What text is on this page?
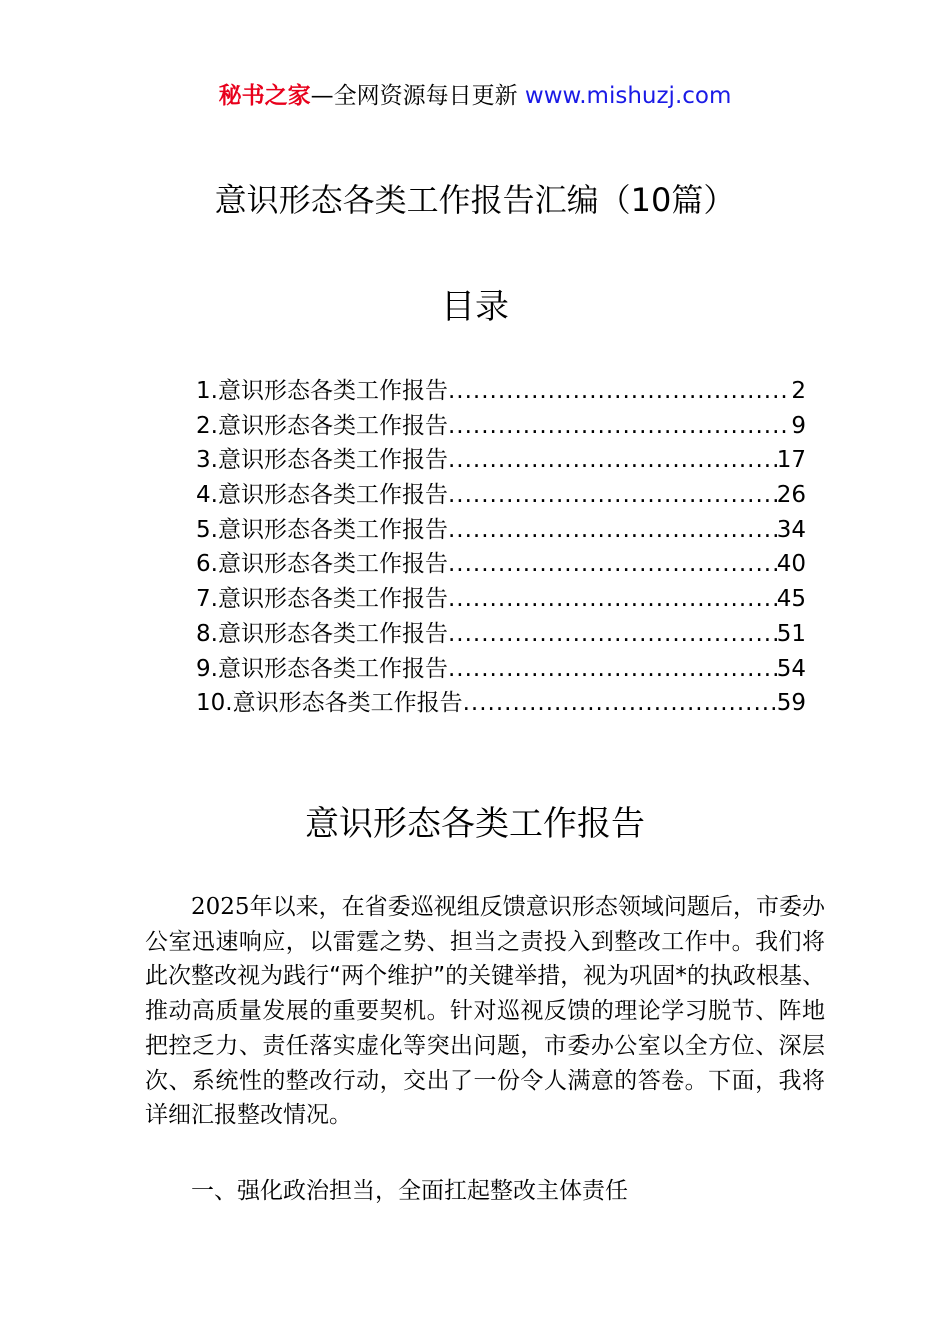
秘书之家—全网资源每日更新 www.mishuzj.com
意识形态各类工作报告汇编（10篇）
目录
1.意识形态各类工作报告 .....	2
2.意识形态各类工作报告 .....	9
3.意识形态各类工作报告 .....	17
4.意识形态各类工作报告 .....	26
5.意识形态各类工作报告 .....	34
6.意识形态各类工作报告 .....	40
7.意识形态各类工作报告 .....	45
8.意识形态各类工作报告 .....	51
9.意识形态各类工作报告 .....	54
10.意识形态各类工作报告 .....	59
意识形态各类工作报告

2025年以来，在省委巡视组反馈意识形态领域问题后，市委办公室迅速响应，以雷霆之势、担当之责投入到整改工作中。我们将此次整改视为践行“两个维护”的关键举措，视为巩固*的执政根基、推动高质量发展的重要契机。针对巡视反馈的理论学习脱节、阵地把控乏力、责任落实虚化等突出问题，市委办公室以全方位、深层次、系统性的整改行动，交出了一份令人满意的答卷。下面，我将详细汇报整改情况。

一、强化政治担当，全面扛起整改主体责任
